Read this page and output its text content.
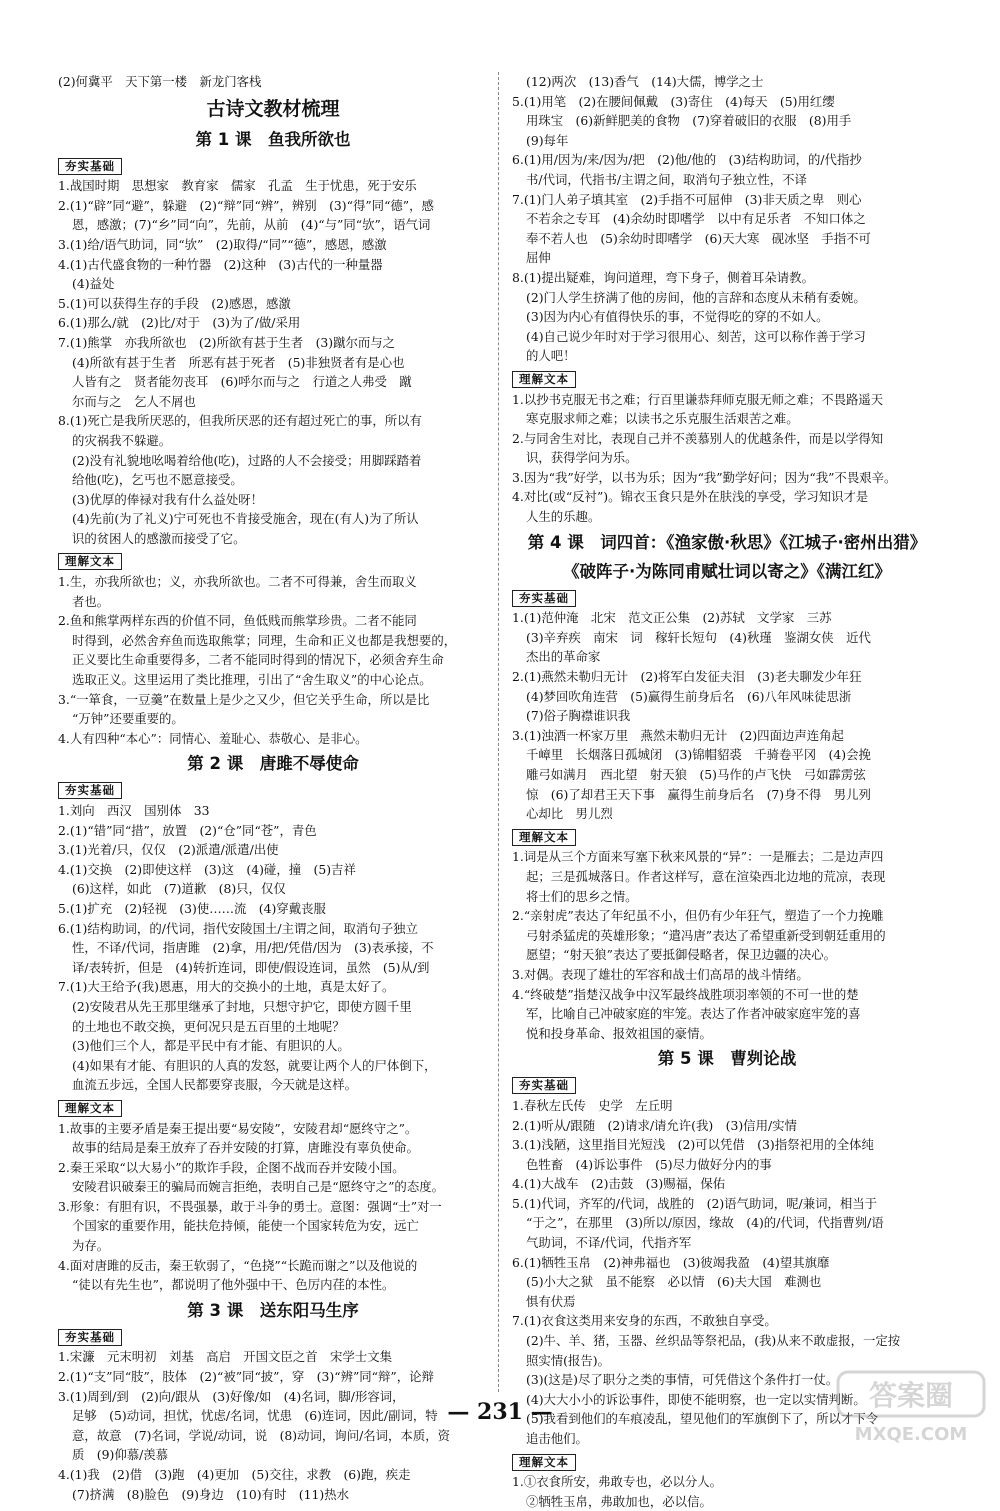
(2)何冀平　天下第一楼　新龙门客栈
古诗文教材梳理
第 1 课　鱼我所欲也
夯实基础
1.战国时期　思想家　教育家　儒家　孔孟　生于忧患，死于安乐
2.(1)“辟”同“避”，躲避　(2)“辩”同“辨”，辨别　(3)“得”同“德”，感
恩，感激；(7)“乡”同“向”，先前，从前　(4)“与”同“欤”，语气词
3.(1)给/语气助词，同“欤”　(2)取得/“同”“德”，感恩，感激
4.(1)古代盛食物的一种竹器　(2)这种　(3)古代的一种量器
(4)益处
5.(1)可以获得生存的手段　(2)感恩，感激
6.(1)那么/就　(2)比/对于　(3)为了/做/采用
7.(1)熊掌　亦我所欲也　(2)所欲有甚于生者　(3)蹴尔而与之
(4)所欲有甚于生者　所恶有甚于死者　(5)非独贤者有是心也
人皆有之　贤者能勿丧耳　(6)呼尔而与之　行道之人弗受　蹴
尔而与之　乞人不屑也
8.(1)死亡是我所厌恶的，但我所厌恶的还有超过死亡的事，所以有
的灾祸我不躲避。
(2)没有礼貌地吆喝着给他(吃)，过路的人不会接受；用脚踩踏着
给他(吃)，乞丐也不愿意接受。
(3)优厚的俸禄对我有什么益处呀！
(4)先前(为了礼义)宁可死也不肯接受施舍，现在(有人)为了所认
识的贫困人的感激而接受了它。
理解文本
1.生，亦我所欲也；义，亦我所欲也。二者不可得兼，舍生而取义
者也。
2.鱼和熊掌两样东西的价值不同，鱼低贱而熊掌珍贵。二者不能同
时得到，必然舍弃鱼而选取熊掌；同理，生命和正义也都是我想要的，
正义要比生命重要得多，二者不能同时得到的情况下，必须舍弃生命
选取正义。这里运用了类比推理，引出了“舍生取义”的中心论点。
3.“一箪食，一豆羹”在数量上是少之又少，但它关乎生命，所以是比
“万钟”还要重要的。
4.人有四种“本心”：同情心、羞耻心、恭敬心、是非心。
第 2 课　唐雎不辱使命
夯实基础
1.刘向　西汉　国别体　33
2.(1)“错”同“措”，放置　(2)“仓”同“苍”，青色
3.(1)光着/只，仅仅　(2)派遣/派遣/出使
4.(1)交换　(2)即使这样　(3)这　(4)碰，撞　(5)吉祥
(6)这样，如此　(7)道歉　(8)只，仅仅
5.(1)扩充　(2)轻视　(3)使……流　(4)穿戴丧服
6.(1)结构助词，的/代词，指代安陵国土/主谓之间，取消句子独立
性，不译/代词，指唐雎　(2)拿，用/把/凭借/因为　(3)表承接，不
译/表转折，但是　(4)转折连词，即使/假设连词，虽然　(5)从/到
7.(1)大王给予(我)恩惠，用大的交换小的土地，真是太好了。
(2)安陵君从先王那里继承了封地，只想守护它，即使方圆千里
的土地也不敢交换，更何况只是五百里的土地呢？
(3)他们三个人，都是平民中有才能、有胆识的人。
(4)如果有才能、有胆识的人真的发怒，就要让两个人的尸体倒下，
血流五步远，全国人民都要穿丧服，今天就是这样。
理解文本
1.故事的主要矛盾是秦王提出要“易安陵”，安陵君却“愿终守之”。
故事的结局是秦王放弃了吞并安陵的打算，唐雎没有辜负使命。
2.秦王采取“以大易小”的欺诈手段，企图不战而吞并安陵小国。
安陵君识破秦王的骗局而婉言拒绝，表明自己是“愿终守之”的态度。
3.形象：有胆有识，不畏强暴，敢于斗争的勇士。意图：强调“士”对一
个国家的重要作用，能扶危持倾，能使一个国家转危为安，远亡
为存。
4.面对唐雎的反击，秦王软弱了，“色挠”“长跪而谢之”以及他说的
“徒以有先生也”，都说明了他外强中干、色厉内荏的本性。
第 3 课　送东阳马生序
夯实基础
1.宋濂　元末明初　刘基　高启　开国文臣之首　宋学士文集
2.(1)“支”同“肢”，肢体　(2)“被”同“披”，穿　(3)“辨”同“辩”，论辩
3.(1)周到/到　(2)向/跟从　(3)好像/如　(4)名词，脚/形容词，
足够　(5)动词，担忧，忧虑/名词，忧患　(6)连词，因此/副词，特
意，故意　(7)名词，学说/动词，说　(8)动词，询问/名词，本质，资
质　(9)仰慕/羡慕
4.(1)我　(2)借　(3)跑　(4)更加　(5)交往，求教　(6)跑，疾走
(7)挤满　(8)脸色　(9)身边　(10)有时　(11)热水
(12)两次　(13)香气　(14)大儒，博学之士
5.(1)用笔　(2)在腰间佩戴　(3)寄住　(4)每天　(5)用红缨
用珠宝　(6)新鲜肥美的食物　(7)穿着破旧的衣服　(8)用手
(9)每年
6.(1)用/因为/来/因为/把　(2)他/他的　(3)结构助词，的/代指抄
书/代词，代指书/主谓之间，取消句子独立性，不译
7.(1)门人弟子填其室　(2)手指不可屈伸　(3)非天质之卑　则心
不若余之专耳　(4)余幼时即嗜学　以中有足乐者　不知口体之
奉不若人也　(5)余幼时即嗜学　(6)天大寒　砚冰坚　手指不可
屈伸
8.(1)提出疑难，询问道理，弯下身子，侧着耳朵请教。
(2)门人学生挤满了他的房间，他的言辞和态度从未稍有委婉。
(3)因为内心有值得快乐的事，不觉得吃的穿的不如人。
(4)自己说少年时对于学习很用心、刻苦，这可以称作善于学习
的人吧！
理解文本
1.以抄书克服无书之难；行百里谦恭拜师克服无师之难；不畏路遥天
寒克服求师之难；以读书之乐克服生活艰苦之难。
2.与同舍生对比，表现自己并不羡慕别人的优越条件，而是以学得知
识，获得学问为乐。
3.因为“我”好学，以书为乐；因为“我”勤学好问；因为“我”不畏艰辛。
4.对比(或“反衬”)。锦衣玉食只是外在肤浅的享受，学习知识才是
人生的乐趣。
第 4 课　词四首：《渔家傲·秋思》《江城子·密州出猎》
《破阵子·为陈同甫赋壮词以寄之》《满江红》
夯实基础
1.(1)范仲淹　北宋　范文正公集　(2)苏轼　文学家　三苏
(3)辛弃疾　南宋　词　稼轩长短句　(4)秋瑾　鉴湖女侠　近代
杰出的革命家
2.(1)燕然未勒归无计　(2)将军白发征夫泪　(3)老夫聊发少年狂
(4)梦回吹角连营　(5)赢得生前身后名　(6)八年风味徒思浙
(7)俗子胸襟谁识我
3.(1)浊酒一杯家万里　燕然未勒归无计　(2)四面边声连角起
千嶂里　长烟落日孤城闭　(3)锦帽貂裘　千骑卷平冈　(4)会挽
雕弓如满月　西北望　射天狼　(5)马作的卢飞快　弓如霹雳弦
惊　(6)了却君王天下事　赢得生前身后名　(7)身不得　男儿列
心却比　男儿烈
理解文本
1.词是从三个方面来写塞下秋来风景的“异”：一是雁去；二是边声四
起；三是孤城落日。作者这样写，意在渲染西北边地的荒凉，表现
将士们的思乡之情。
2.“亲射虎”表达了年纪虽不小，但仍有少年狂气，塑造了一个力挽雕
弓射杀猛虎的英雄形象；“遣冯唐”表达了希望重新受到朝廷重用的
愿望；“射天狼”表达了要抵御侵略者，保卫边疆的决心。
3.对偶。表现了雄壮的军容和战士们高昂的战斗情绪。
4.“终破楚”指楚汉战争中汉军最终战胜项羽率领的不可一世的楚
军，比喻自己冲破家庭的牢笼。表达了作者冲破家庭牢笼的喜
悦和投身革命、报效祖国的豪情。
第 5 课　曹刿论战
夯实基础
1.春秋左氏传　史学　左丘明
2.(1)听从/跟随　(2)请求/请允许(我)　(3)信用/实情
3.(1)浅陋，这里指目光短浅　(2)可以凭借　(3)指祭祀用的全体纯
色牲畜　(4)诉讼事件　(5)尽力做好分内的事
4.(1)大战车　(2)击鼓　(3)赐福，保佑
5.(1)代词，齐军的/代词，战胜的　(2)语气助词，呢/兼词，相当于
“于之”，在那里　(3)所以/原因，缘故　(4)的/代词，代指曹刿/语
气助词，不译/代词，代指齐军
6.(1)牺牲玉帛　(2)神弗福也　(3)彼竭我盈　(4)望其旗靡
(5)小大之狱　虽不能察　必以情　(6)夫大国　难测也
惧有伏焉
7.(1)衣食这类用来安身的东西，不敢独自享受。
(2)牛、羊、猪，玉器、丝织品等祭祀品，(我)从来不敢虚报，一定按
照实情(报告)。
(3)(这是)尽了职分之类的事情，可凭借这个条件打一仗。
(4)大大小小的诉讼事件，即使不能明察，也一定以实情判断。
(5)我看到他们的车痕凌乱，望见他们的军旗倒下了，所以才下令
追击他们。
理解文本
1.①衣食所安，弗敢专也，必以分人。
②牺牲玉帛，弗敢加也，必以信。
— 231 —	答案圈
MXQE.COM
